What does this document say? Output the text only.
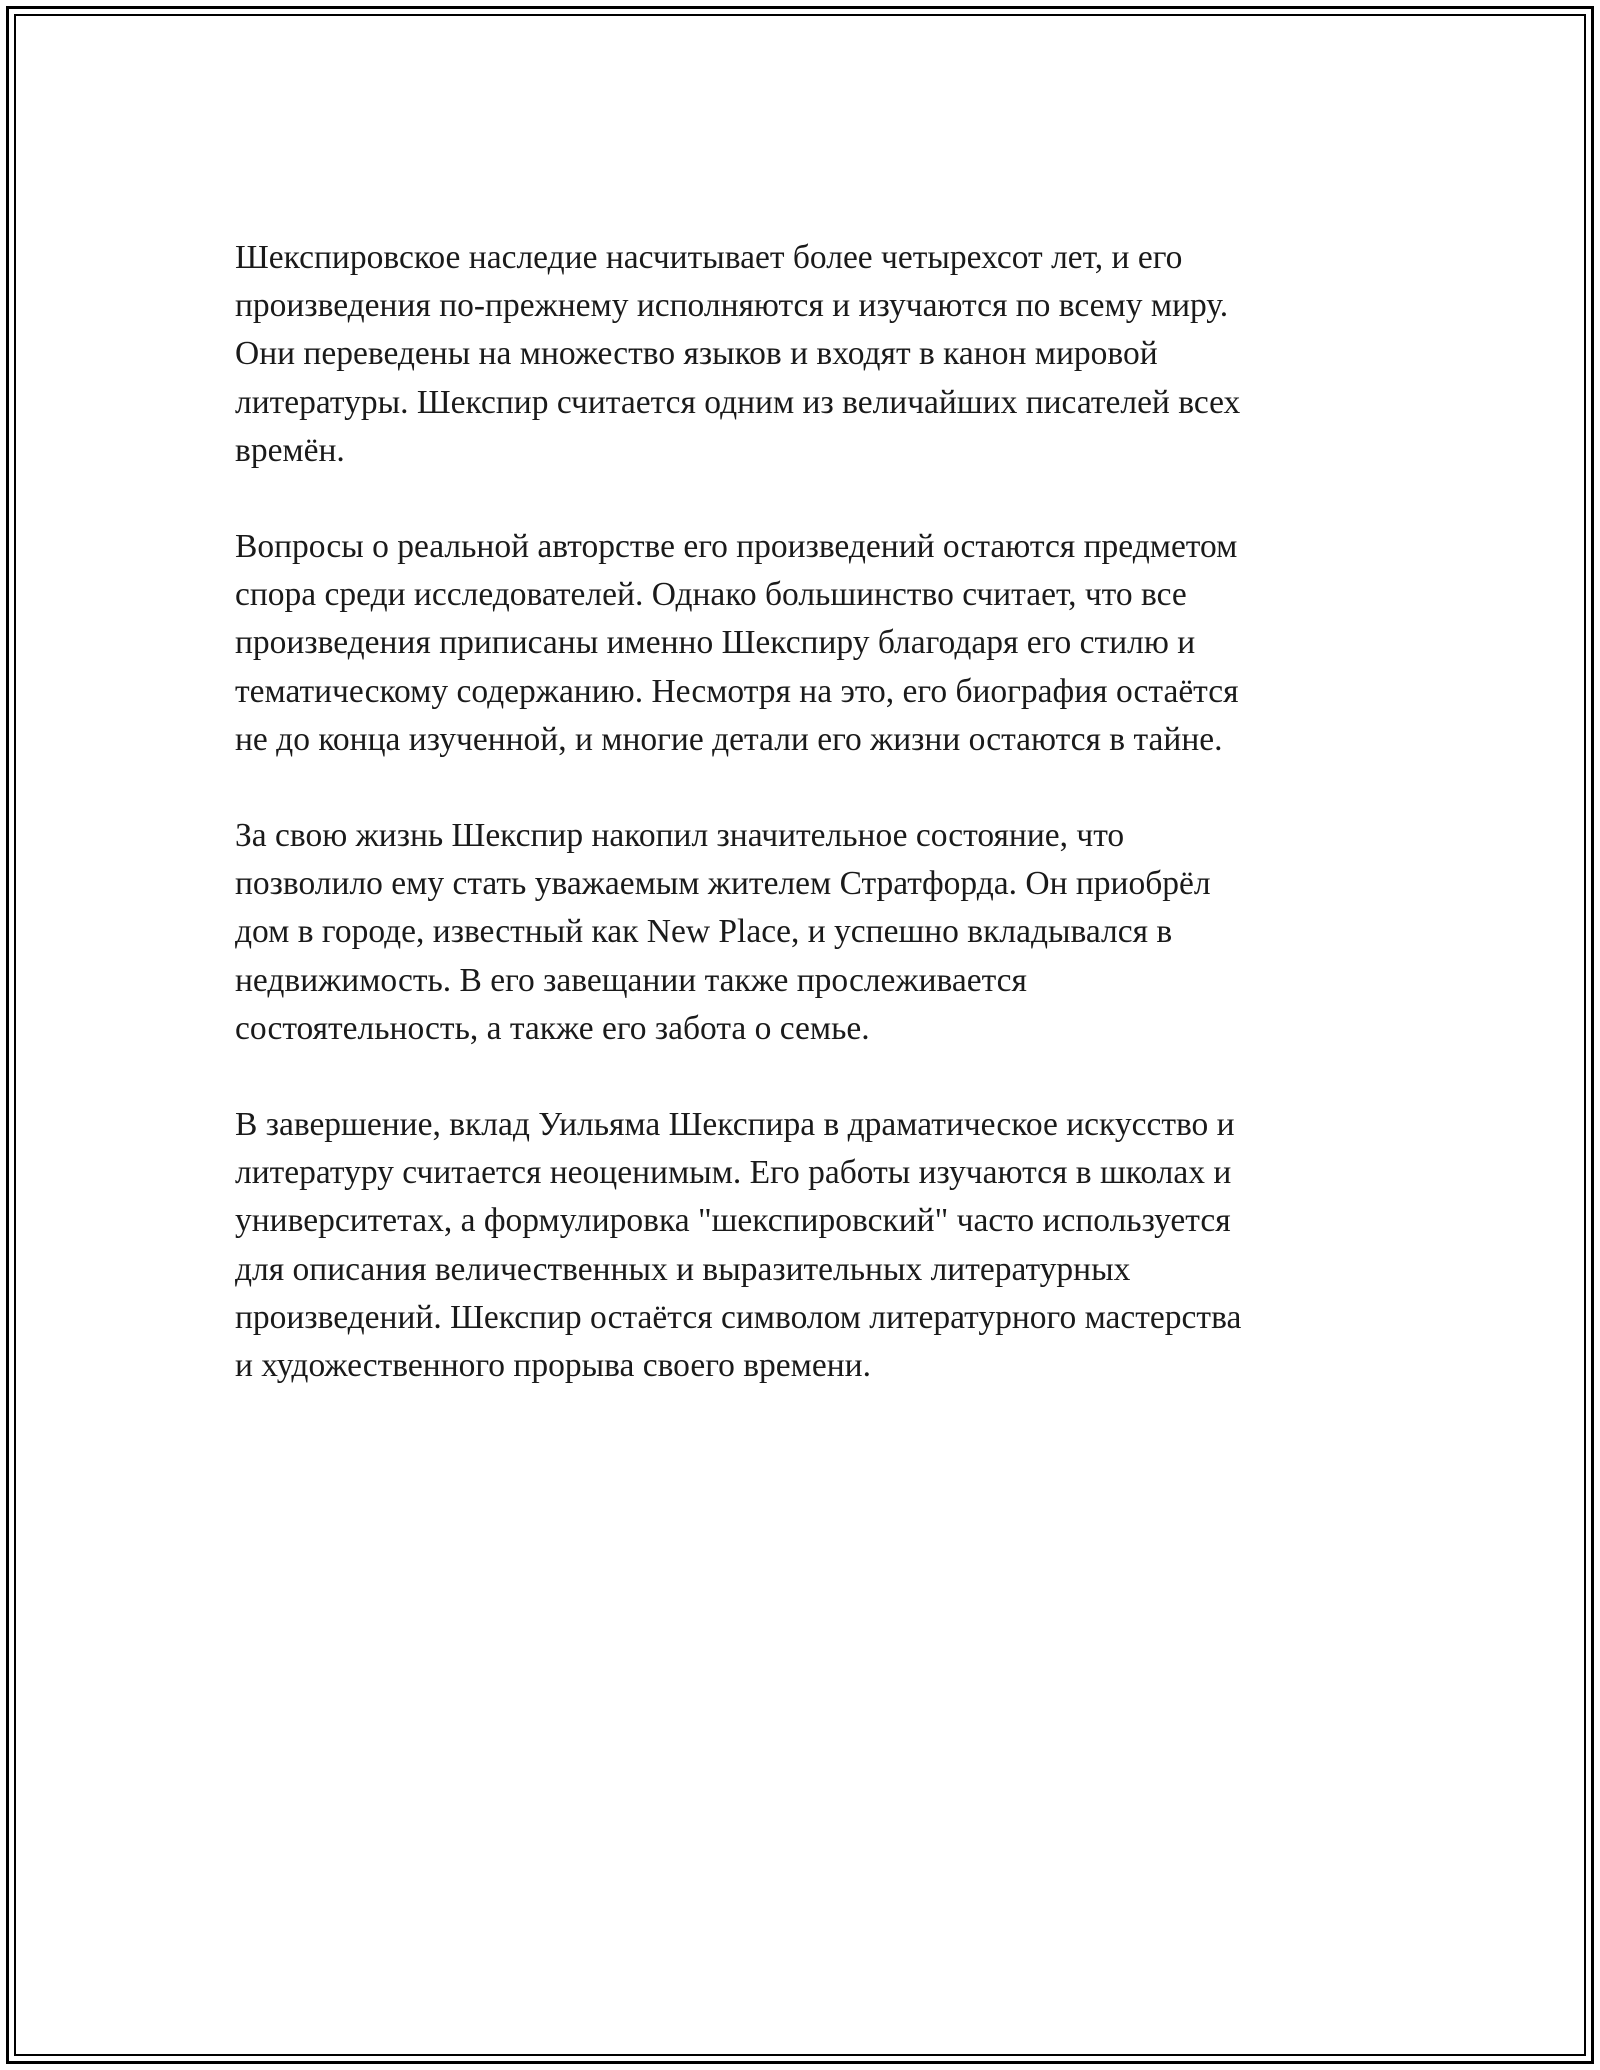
Шекспировское наследие насчитывает более четырехсот лет, и его
произведения по-прежнему исполняются и изучаются по всему миру.
Они переведены на множество языков и входят в канон мировой
литературы. Шекспир считается одним из величайших писателей всех
времён.

Вопросы о реальной авторстве его произведений остаются предметом
спора среди исследователей. Однако большинство считает, что все
произведения приписаны именно Шекспиру благодаря его стилю и
тематическому содержанию. Несмотря на это, его биография остаётся
не до конца изученной, и многие детали его жизни остаются в тайне.

За свою жизнь Шекспир накопил значительное состояние, что
позволило ему стать уважаемым жителем Стратфорда. Он приобрёл
дом в городе, известный как New Place, и успешно вкладывался в
недвижимость. В его завещании также прослеживается
состоятельность, а также его забота о семье.

В завершение, вклад Уильяма Шекспира в драматическое искусство и
литературу считается неоценимым. Его работы изучаются в школах и
университетах, а формулировка "шекспировский" часто используется
для описания величественных и выразительных литературных
произведений. Шекспир остаётся символом литературного мастерства
и художественного прорыва своего времени.
